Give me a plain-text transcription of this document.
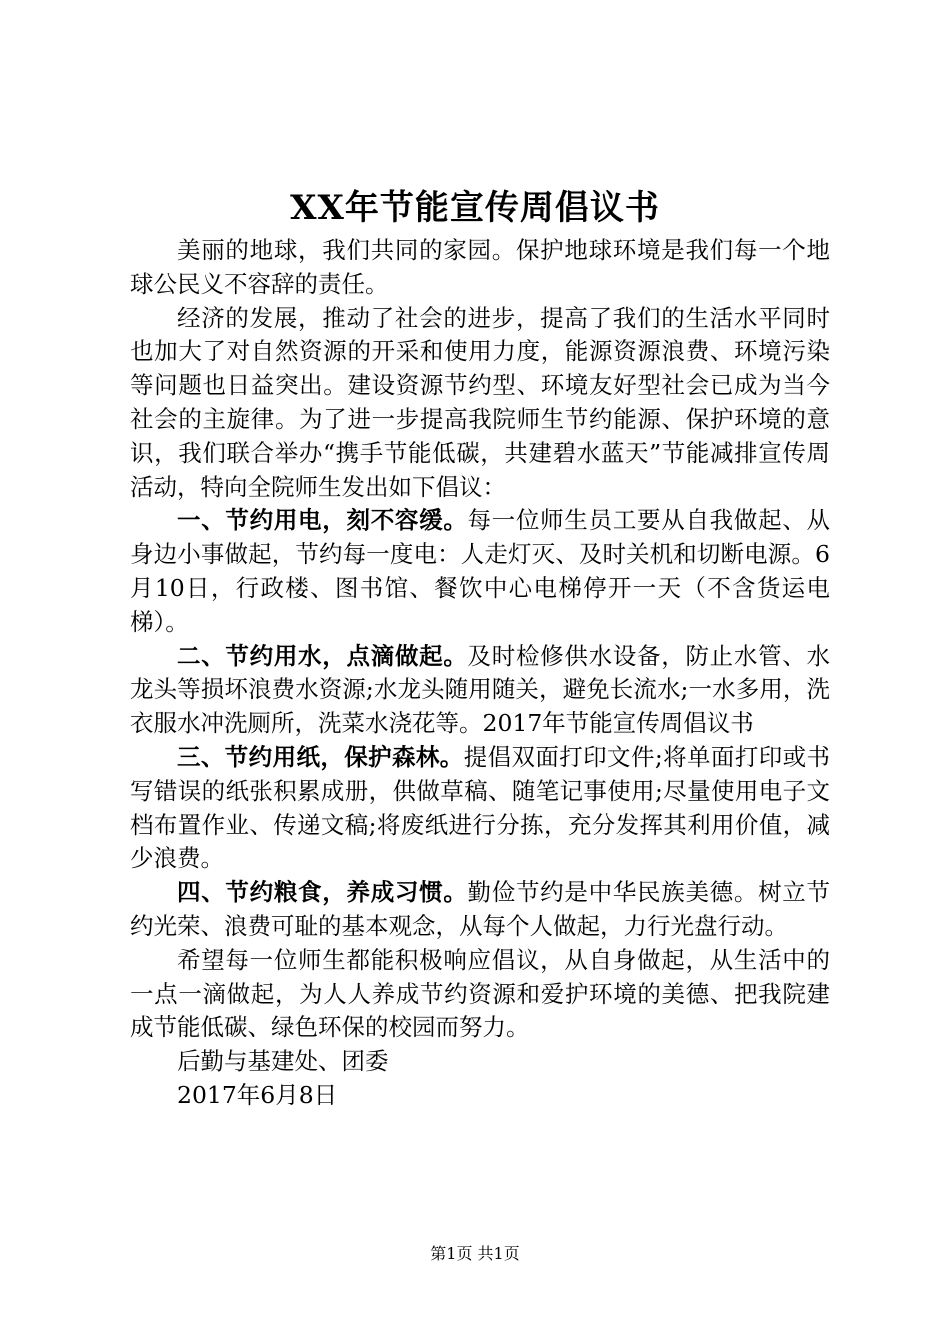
XX年节能宣传周倡议书

美丽的地球，我们共同的家园。保护地球环境是我们每一个地球公民义不容辞的责任。

经济的发展，推动了社会的进步，提高了我们的生活水平同时也加大了对自然资源的开采和使用力度，能源资源浪费、环境污染等问题也日益突出。建设资源节约型、环境友好型社会已成为当今社会的主旋律。为了进一步提高我院师生节约能源、保护环境的意识，我们联合举办“携手节能低碳，共建碧水蓝天”节能减排宣传周活动，特向全院师生发出如下倡议：

一、节约用电，刻不容缓。每一位师生员工要从自我做起、从身边小事做起，节约每一度电：人走灯灭、及时关机和切断电源。6月10日，行政楼、图书馆、餐饮中心电梯停开一天（不含货运电梯）。

二、节约用水，点滴做起。及时检修供水设备，防止水管、水龙头等损坏浪费水资源;水龙头随用随关，避免长流水;一水多用，洗衣服水冲洗厕所，洗菜水浇花等。2017年节能宣传周倡议书

三、节约用纸，保护森林。提倡双面打印文件;将单面打印或书写错误的纸张积累成册，供做草稿、随笔记事使用;尽量使用电子文档布置作业、传递文稿;将废纸进行分拣，充分发挥其利用价值，减少浪费。

四、节约粮食，养成习惯。勤俭节约是中华民族美德。树立节约光荣、浪费可耻的基本观念，从每个人做起，力行光盘行动。

希望每一位师生都能积极响应倡议，从自身做起，从生活中的一点一滴做起，为人人养成节约资源和爱护环境的美德、把我院建成节能低碳、绿色环保的校园而努力。

后勤与基建处、团委

2017年6月8日

第1页 共1页
